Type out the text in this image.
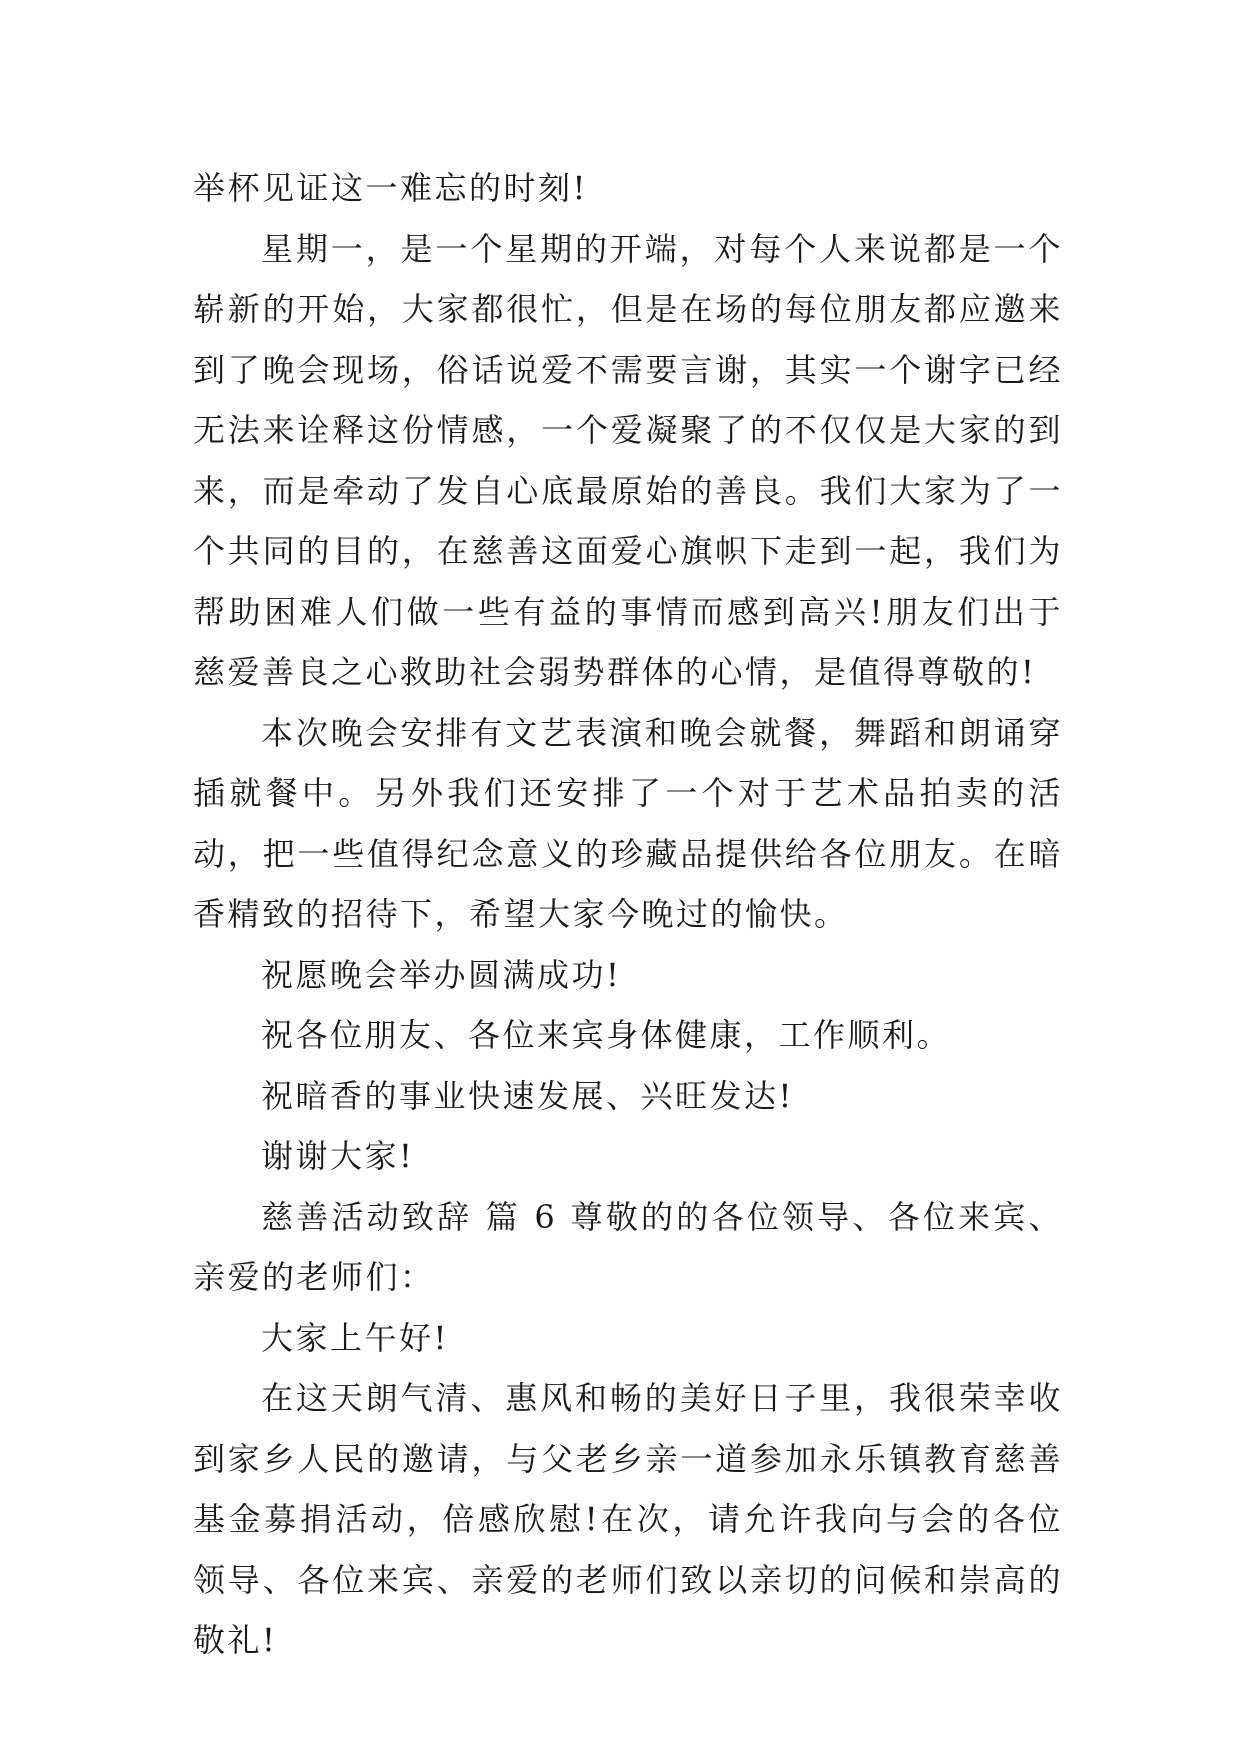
举杯见证这一难忘的时刻!

星期一，是一个星期的开端，对每个人来说都是一个崭新的开始，大家都很忙，但是在场的每位朋友都应邀来到了晚会现场，俗话说爱不需要言谢，其实一个谢字已经无法来诠释这份情感，一个爱凝聚了的不仅仅是大家的到来，而是牵动了发自心底最原始的善良。我们大家为了一个共同的目的，在慈善这面爱心旗帜下走到一起，我们为帮助困难人们做一些有益的事情而感到高兴!朋友们出于慈爱善良之心救助社会弱势群体的心情，是值得尊敬的!

本次晚会安排有文艺表演和晚会就餐，舞蹈和朗诵穿插就餐中。另外我们还安排了一个对于艺术品拍卖的活动，把一些值得纪念意义的珍藏品提供给各位朋友。在暗香精致的招待下，希望大家今晚过的愉快。

祝愿晚会举办圆满成功!

祝各位朋友、各位来宾身体健康，工作顺利。

祝暗香的事业快速发展、兴旺发达!

谢谢大家!

慈善活动致辞 篇 6 尊敬的的各位领导、各位来宾、亲爱的老师们：

大家上午好!

在这天朗气清、惠风和畅的美好日子里，我很荣幸收到家乡人民的邀请，与父老乡亲一道参加永乐镇教育慈善基金募捐活动，倍感欣慰!在次，请允许我向与会的各位领导、各位来宾、亲爱的老师们致以亲切的问候和崇高的敬礼!
